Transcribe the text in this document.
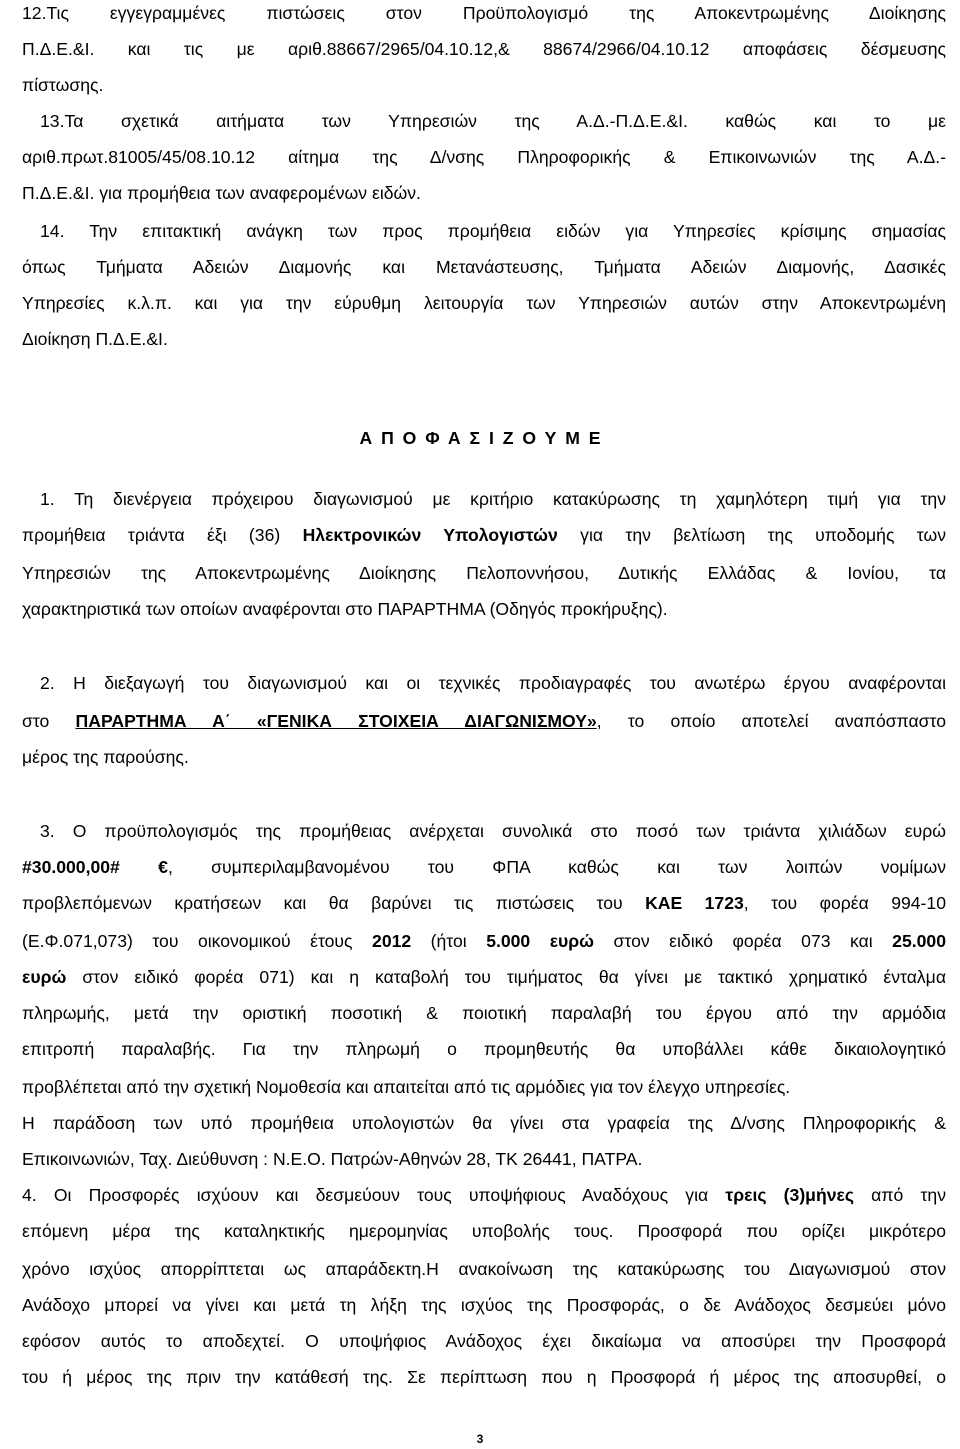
12.Τις εγγεγραμμένες πιστώσεις στον Προϋπολογισμό της Αποκεντρωμένης Διοίκησης
Π.Δ.Ε.&Ι. και τις με αριθ.88667/2965/04.10.12,& 88674/2966/04.10.12 αποφάσεις δέσμευσης
πίστωσης.
13.Τα σχετικά αιτήματα των Υπηρεσιών της Α.Δ.-Π.Δ.Ε.&Ι. καθώς και το με
αριθ.πρωτ.81005/45/08.10.12 αίτημα της Δ/νσης Πληροφορικής & Επικοινωνιών της Α.Δ.-
Π.Δ.Ε.&Ι. για προμήθεια των αναφερομένων ειδών.
14. Την επιτακτική ανάγκη των προς προμήθεια ειδών για Υπηρεσίες κρίσιμης σημασίας
όπως Τμήματα Αδειών Διαμονής και Μετανάστευσης, Τμήματα Αδειών Διαμονής, Δασικές
Υπηρεσίες κ.λ.π. και για την εύρυθμη λειτουργία των Υπηρεσιών αυτών στην Αποκεντρωμένη
Διοίκηση Π.Δ.Ε.&Ι.
Α Π Ο Φ Α Σ Ι Ζ Ο Υ Μ Ε
1. Τη διενέργεια πρόχειρου διαγωνισμού με κριτήριο κατακύρωσης τη χαμηλότερη τιμή για την
προμήθεια τριάντα έξι (36) Ηλεκτρονικών Υπολογιστών για την βελτίωση της υποδομής των
Υπηρεσιών της Αποκεντρωμένης Διοίκησης Πελοποννήσου, Δυτικής Ελλάδας & Ιονίου, τα
χαρακτηριστικά των οποίων αναφέρονται στο ΠΑΡΑΡΤΗΜΑ (Οδηγός προκήρυξης).
2. Η διεξαγωγή του διαγωνισμού και οι τεχνικές προδιαγραφές του ανωτέρω έργου αναφέρονται
στο ΠΑΡΑΡΤΗΜΑ Α΄ «ΓΕΝΙΚΑ ΣΤΟΙΧΕΙΑ ΔΙΑΓΩΝΙΣΜΟΥ», το οποίο αποτελεί αναπόσπαστο
μέρος της παρούσης.
3. Ο προϋπολογισμός της προμήθειας ανέρχεται συνολικά στο ποσό των τριάντα χιλιάδων ευρώ
#30.000,00# €, συμπεριλαμβανομένου του ΦΠΑ καθώς και των λοιπών νομίμων
προβλεπόμενων κρατήσεων και θα βαρύνει τις πιστώσεις του ΚΑΕ 1723, του φορέα 994-10
(Ε.Φ.071,073) του οικονομικού έτους 2012 (ήτοι 5.000 ευρώ στον ειδικό φορέα 073 και 25.000
ευρώ στον ειδικό φορέα 071) και η καταβολή του τιμήματος θα γίνει με τακτικό χρηματικό ένταλμα
πληρωμής, μετά την οριστική ποσοτική & ποιοτική παραλαβή του έργου από την αρμόδια
επιτροπή παραλαβής. Για την πληρωμή ο προμηθευτής θα υποβάλλει κάθε δικαιολογητικό
προβλέπεται από την σχετική Νομοθεσία και απαιτείται από τις αρμόδιες για τον έλεγχο υπηρεσίες.
Η παράδοση των υπό προμήθεια υπολογιστών θα γίνει στα γραφεία της Δ/νσης Πληροφορικής &
Επικοινωνιών, Ταχ. Διεύθυνση : Ν.Ε.Ο. Πατρών-Αθηνών 28, ΤΚ 26441, ΠΑΤΡΑ.
4. Οι Προσφορές ισχύουν και δεσμεύουν τους υποψήφιους Αναδόχους για τρεις (3)μήνες από την
επόμενη μέρα της καταληκτικής ημερομηνίας υποβολής τους. Προσφορά που ορίζει μικρότερο
χρόνο ισχύος απορρίπτεται ως απαράδεκτη.Η ανακοίνωση της κατακύρωσης του Διαγωνισμού στον
Ανάδοχο μπορεί να γίνει και μετά τη λήξη της ισχύος της Προσφοράς, ο δε Ανάδοχος δεσμεύει μόνο
εφόσον αυτός το αποδεχτεί. Ο υποψήφιος Ανάδοχος έχει δικαίωμα να αποσύρει την Προσφορά
του ή μέρος της πριν την κατάθεσή της. Σε περίπτωση που η Προσφορά ή μέρος της αποσυρθεί, ο
3
